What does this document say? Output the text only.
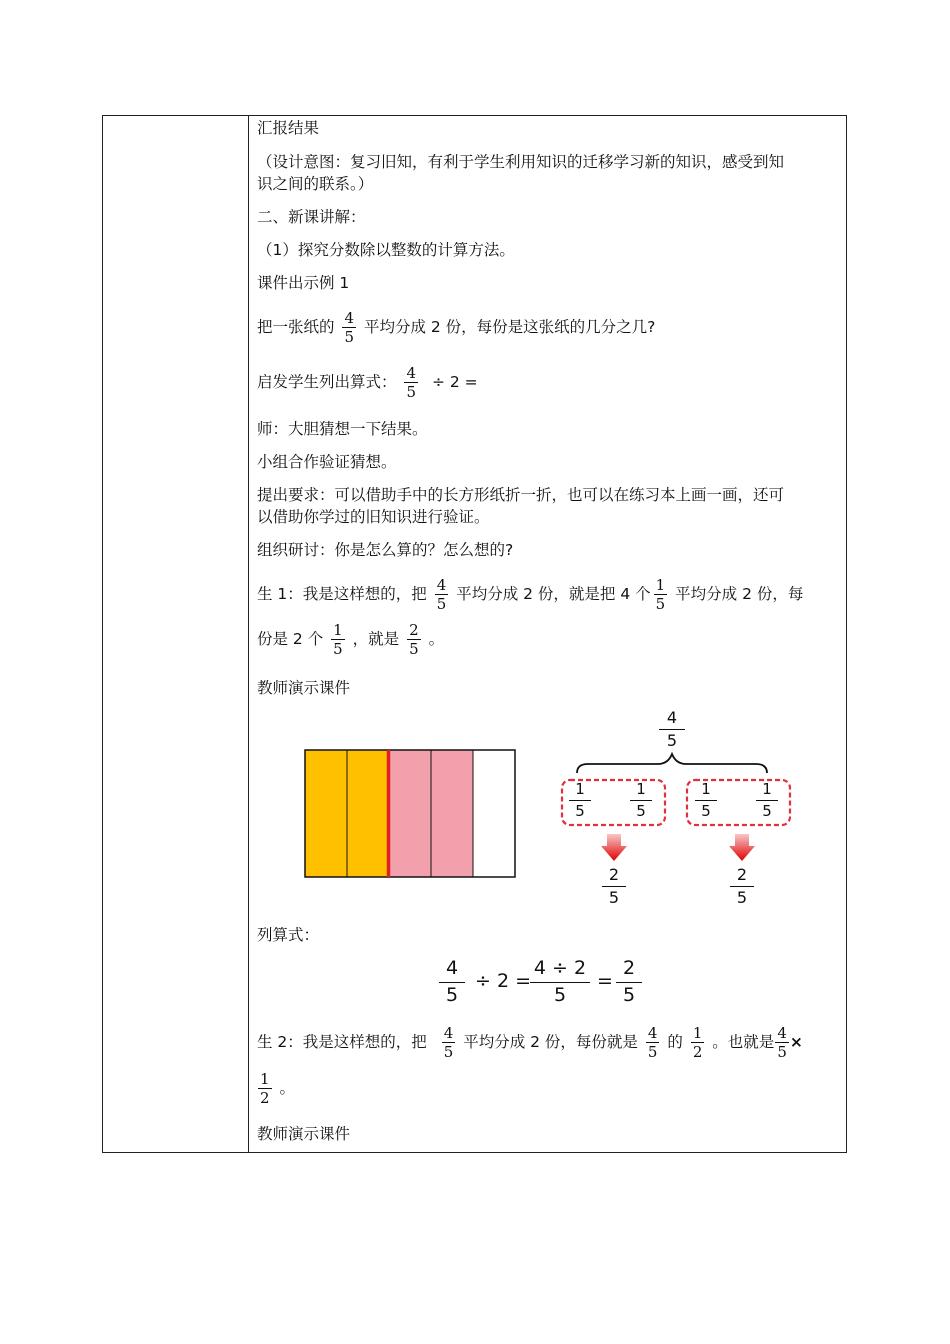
汇报结果
（设计意图：复习旧知，有利于学生利用知识的迁移学习新的知识，感受到知
识之间的联系。）
二、新课讲解：
（1）探究分数除以整数的计算方法。
课件出示例 1
把一张纸的 $\frac{4}{5}$ 平均分成 2 份，每份是这张纸的几分之几?
启发学生列出算式： $\frac{4}{5} \div 2$ =
师：大胆猜想一下结果。
小组合作验证猜想。
提出要求：可以借助手中的长方形纸折一折，也可以在练习本上画一画，还可
以借助你学过的旧知识进行验证。
组织研讨：你是怎么算的？怎么想的?
生 1：我是这样想的，把 $\frac{4}{5}$ 平均分成 2 份，就是把 4 个 $\frac{1}{5}$ 平均分成 2 份，每
份是 2 个 $\frac{1}{5}$ ，就是 $\frac{2}{5}$ 。
教师演示课件
$\frac{4}{5}$
$\frac{1}{5}$	$\frac{1}{5}$	$\frac{1}{5}$	$\frac{1}{5}$
$\frac{2}{5}$	$\frac{2}{5}$
列算式：
$\frac{4}{5} \div 2$ =
$\frac{4 \div 2}{5} = \frac{2}{5}$
生 2：我是这样想的，把 $\frac{4}{5}$ 平均分成 2 份，每份就是 $\frac{4}{5}$ 的 $\frac{1}{2}$ 。也就是 $\frac{4}{5}$ ×
$\frac{1}{2}$ 。
教师演示课件
